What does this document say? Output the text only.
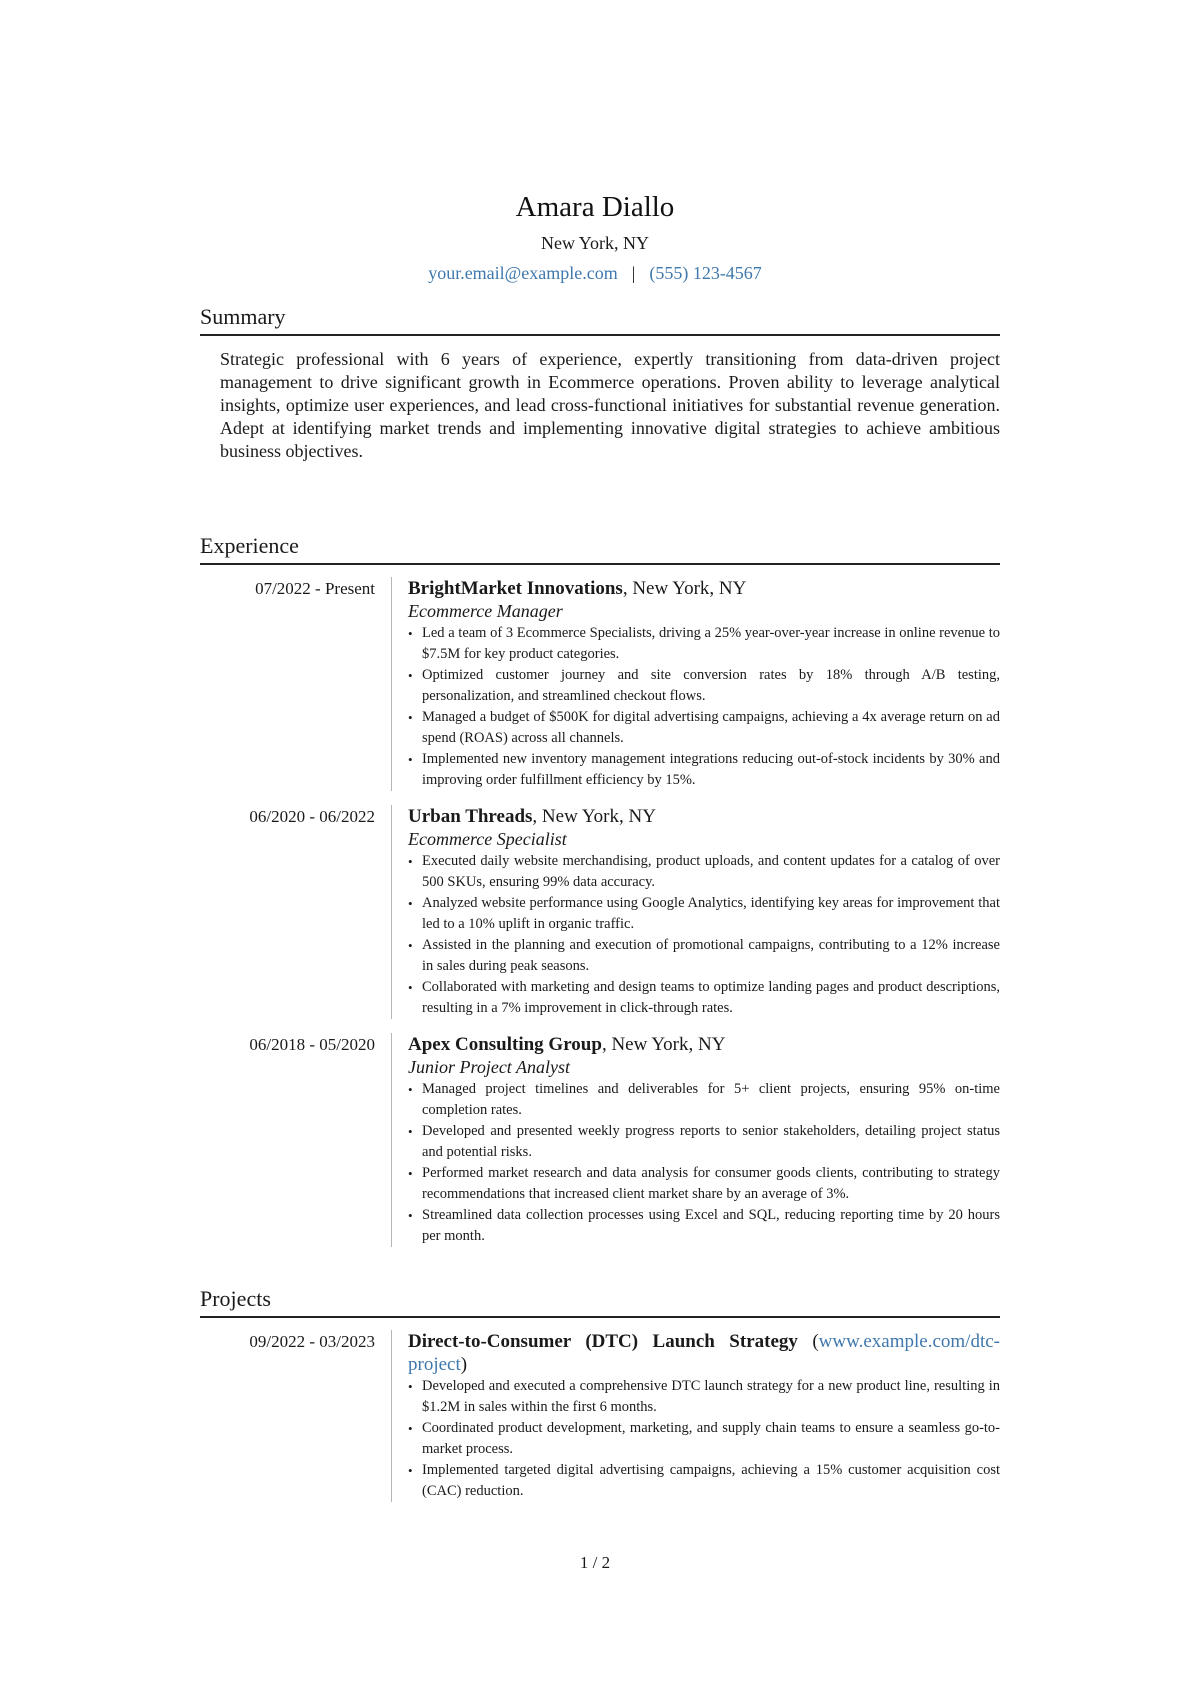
Amara Diallo
New York, NY
your.email@example.com | (555) 123-4567
Summary
Strategic professional with 6 years of experience, expertly transitioning from data-driven project management to drive significant growth in Ecommerce operations. Proven ability to leverage analytical insights, optimize user experiences, and lead cross-functional initiatives for substantial revenue generation. Adept at identifying market trends and implementing innovative digital strategies to achieve ambitious business objectives.
Experience
07/2022 - Present	BrightMarket Innovations, New York, NY
Ecommerce Manager
• Led a team of 3 Ecommerce Specialists, driving a 25% year-over-year increase in online revenue to $7.5M for key product categories.
• Optimized customer journey and site conversion rates by 18% through A/B testing, personalization, and streamlined checkout flows.
• Managed a budget of $500K for digital advertising campaigns, achieving a 4x average return on ad spend (ROAS) across all channels.
• Implemented new inventory management integrations reducing out-of-stock incidents by 30% and improving order fulfillment efficiency by 15%.
06/2020 - 06/2022	Urban Threads, New York, NY
Ecommerce Specialist
• Executed daily website merchandising, product uploads, and content updates for a catalog of over 500 SKUs, ensuring 99% data accuracy.
• Analyzed website performance using Google Analytics, identifying key areas for improvement that led to a 10% uplift in organic traffic.
• Assisted in the planning and execution of promotional campaigns, contributing to a 12% increase in sales during peak seasons.
• Collaborated with marketing and design teams to optimize landing pages and product descriptions, resulting in a 7% improvement in click-through rates.
06/2018 - 05/2020	Apex Consulting Group, New York, NY
Junior Project Analyst
• Managed project timelines and deliverables for 5+ client projects, ensuring 95% on-time completion rates.
• Developed and presented weekly progress reports to senior stakeholders, detailing project status and potential risks.
• Performed market research and data analysis for consumer goods clients, contributing to strategy recommendations that increased client market share by an average of 3%.
• Streamlined data collection processes using Excel and SQL, reducing reporting time by 20 hours per month.
Projects
09/2022 - 03/2023	Direct-to-Consumer (DTC) Launch Strategy (www.example.com/dtc-project)
• Developed and executed a comprehensive DTC launch strategy for a new product line, resulting in $1.2M in sales within the first 6 months.
• Coordinated product development, marketing, and supply chain teams to ensure a seamless go-to-market process.
• Implemented targeted digital advertising campaigns, achieving a 15% customer acquisition cost (CAC) reduction.
1 / 2
